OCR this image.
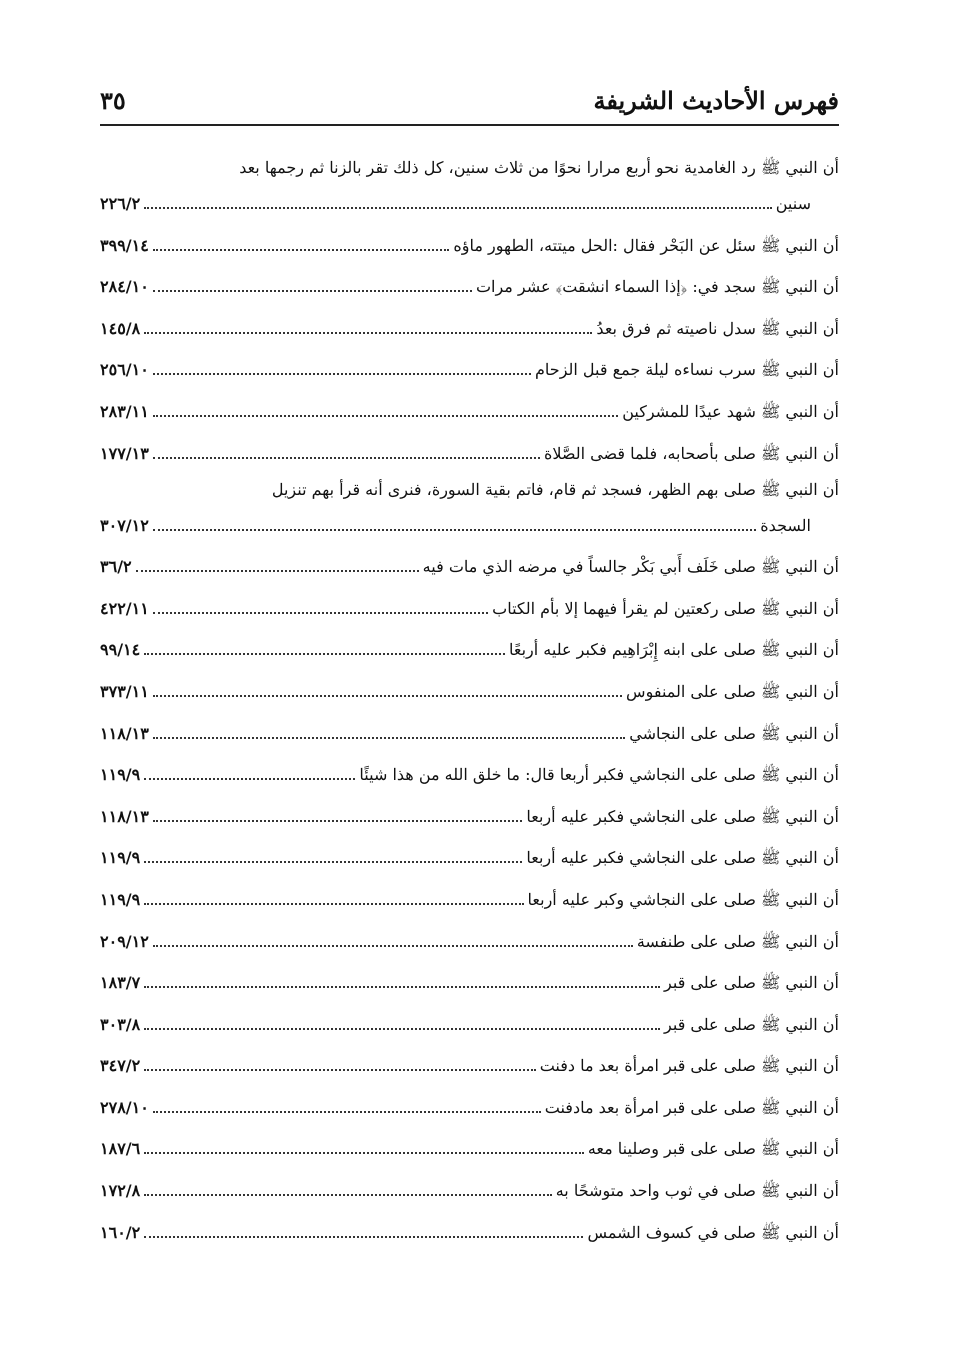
فهرس الأحاديث الشريفة
٣٥
أن النبي ﷺ رد الغامدية نحو أربع مرارا نحوًا من ثلاث سنين، كل ذلك تقر بالزنا ثم رجمها بعد
سنين
٢٢٦/٢
أن النبي ﷺ سئل عن البَحْر فقال :الحل ميتته، الطهور ماؤه
٣٩٩/١٤
أن النبي ﷺ سجد في: ﴿إذا السماء انشقت﴾ عشر مرات
٢٨٤/١٠
أن النبي ﷺ سدل ناصيته ثم فرق بعدُ
١٤٥/٨
أن النبي ﷺ سرب نساءه ليلة جمع قبل الزحام
٢٥٦/١٠
أن النبي ﷺ شهد عيدًا للمشركين
٢٨٣/١١
أن النبي ﷺ صلى بأصحابه، فلما قضى الصَّلاة
١٧٧/١٣
أن النبي ﷺ صلى بهم الظهر، فسجد ثم قام، فاتم بقية السورة، فنرى أنه قرأ بهم تنزيل
السجدة
٣٠٧/١٢
أن النبي ﷺ صلى خَلَف أَبي بَكْر جالساً في مرضه الذي مات فيه
٣٦/٢
أن النبي ﷺ صلى ركعتين لم يقرأ فيهما إلا بأم الكتاب
٤٢٢/١١
أن النبي ﷺ صلى على ابنه إِبْرَاهِيم فكبر عليه أربعًا
٩٩/١٤
أن النبي ﷺ صلى على المنفوس
٣٧٣/١١
أن النبي ﷺ صلى على النجاشي
١١٨/١٣
أن النبي ﷺ صلى على النجاشي فكبر أربعا قال: ما خلق الله من هذا شيئًا
١١٩/٩
أن النبي ﷺ صلى على النجاشي فكبر عليه أربعا
١١٨/١٣
أن النبي ﷺ صلى على النجاشي فكبر عليه أربعا
١١٩/٩
أن النبي ﷺ صلى على النجاشي وكبر عليه أربعا
١١٩/٩
أن النبي ﷺ صلى على طنفسة
٢٠٩/١٢
أن النبي ﷺ صلى على قبر
١٨٣/٧
أن النبي ﷺ صلى على قبر
٣٠٣/٨
أن النبي ﷺ صلى على قبر امرأة بعد ما دفنت
٣٤٧/٢
أن النبي ﷺ صلى على قبر امرأة بعد مادفنت
٢٧٨/١٠
أن النبي ﷺ صلى على قبر وصلينا معه
١٨٧/٦
أن النبي ﷺ صلى في ثوب واحد متوشحًا به
١٧٢/٨
أن النبي ﷺ صلى في كسوف الشمس
١٦٠/٢
